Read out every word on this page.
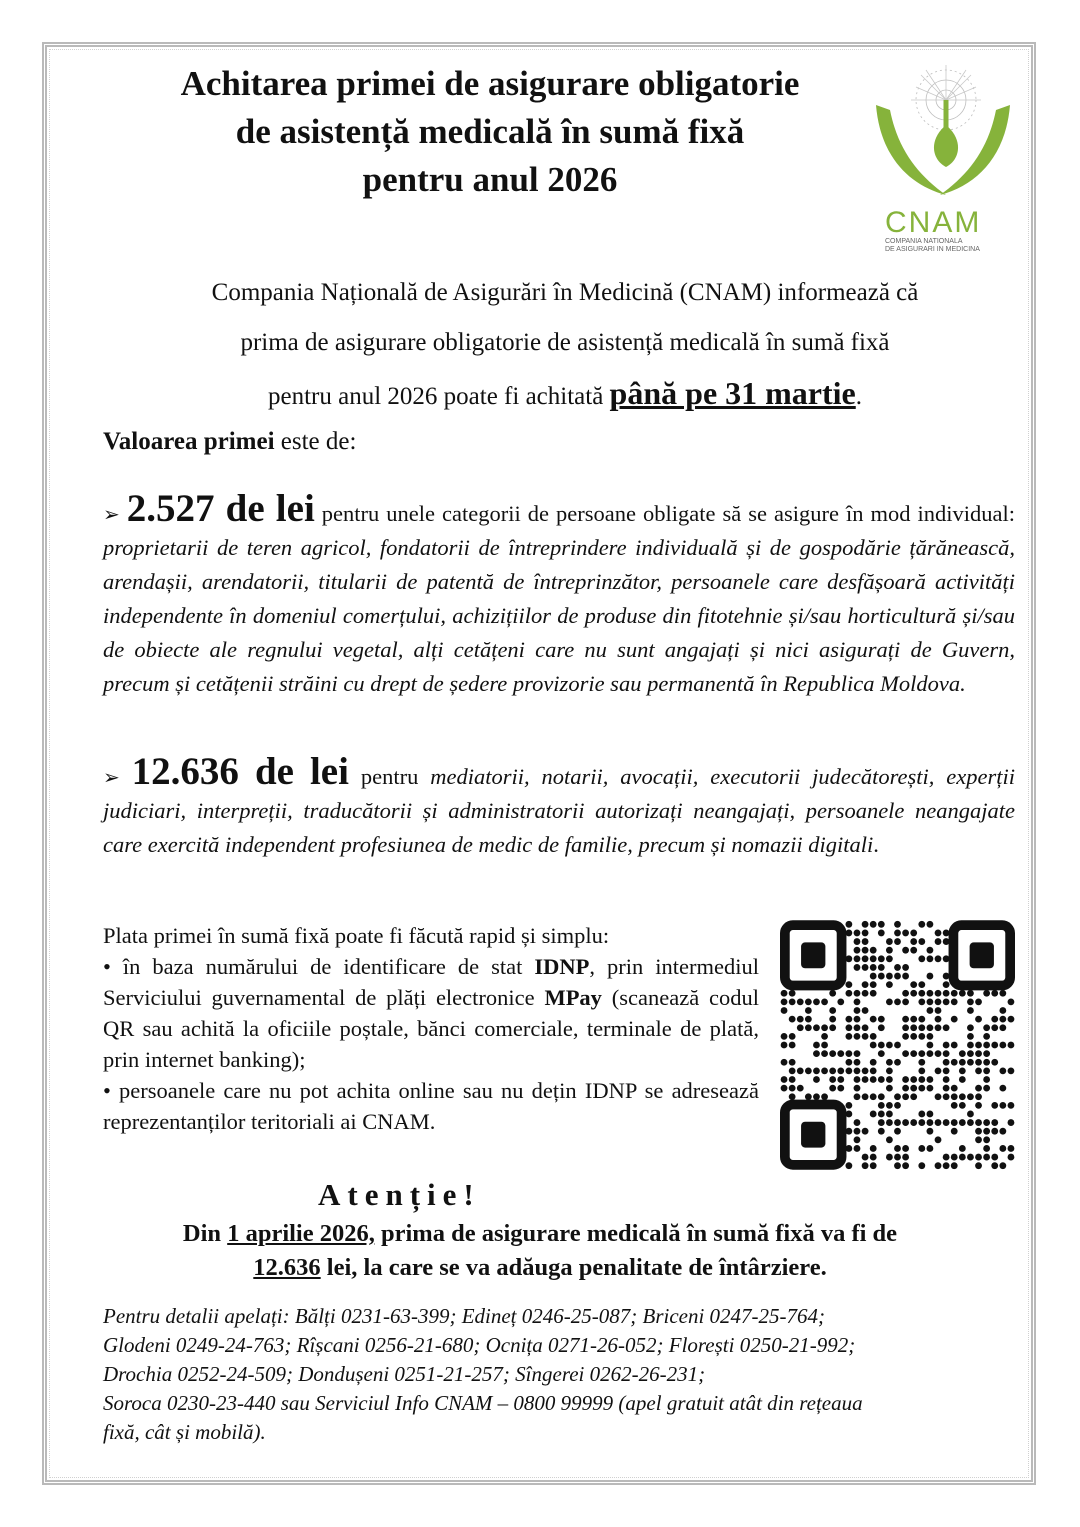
Achitarea primei de asigurare obligatorie
de asistență medicală în sumă fixă
pentru anul 2026
CNAM
COMPANIA NATIONALA
DE ASIGURARI IN MEDICINA
Compania Națională de Asigurări în Medicină (CNAM) informează că
prima de asigurare obligatorie de asistență medicală în sumă fixă
pentru anul 2026 poate fi achitată până pe 31 martie.
Valoarea primei este de:
➢ 2.527 de lei pentru unele categorii de persoane obligate să se asigure în mod individual: proprietarii de teren agricol, fondatorii de întreprindere individuală și de gospodărie țărănească, arendașii, arendatorii, titularii de patentă de întreprinzător, persoanele care desfășoară activități independente în domeniul comerțului, achizițiilor de produse din fitotehnie și/sau horticultură și/sau de obiecte ale regnului vegetal, alți cetățeni care nu sunt angajați și nici asigurați de Guvern, precum și cetățenii străini cu drept de ședere provizorie sau permanentă în Republica Moldova.
➢ 12.636 de lei pentru mediatorii, notarii, avocații, executorii judecătorești, experții judiciari, interpreții, traducătorii și administratorii autorizați neangajați, persoanele neangajate care exercită independent profesiunea de medic de familie, precum și nomazii digitali.
Plata primei în sumă fixă poate fi făcută rapid și simplu:
• în baza numărului de identificare de stat IDNP, prin intermediul Serviciului guvernamental de plăți electronice MPay (scanează codul QR sau achită la oficiile poștale, bănci comerciale, terminale de plată, prin internet banking);
• persoanele care nu pot achita online sau nu dețin IDNP se adresează reprezentanților teritoriali ai CNAM.
Atenție!
Din 1 aprilie 2026, prima de asigurare medicală în sumă fixă va fi de
12.636 lei, la care se va adăuga penalitate de întârziere.
Pentru detalii apelați: Bălți 0231-63-399; Edineț 0246-25-087; Briceni 0247-25-764;
Glodeni 0249-24-763; Rîșcani 0256-21-680; Ocnița 0271-26-052; Florești 0250-21-992;
Drochia 0252-24-509; Dondușeni 0251-21-257; Sîngerei 0262-26-231;
Soroca 0230-23-440 sau Serviciul Info CNAM – 0800 99999 (apel gratuit atât din rețeaua
fixă, cât și mobilă).
